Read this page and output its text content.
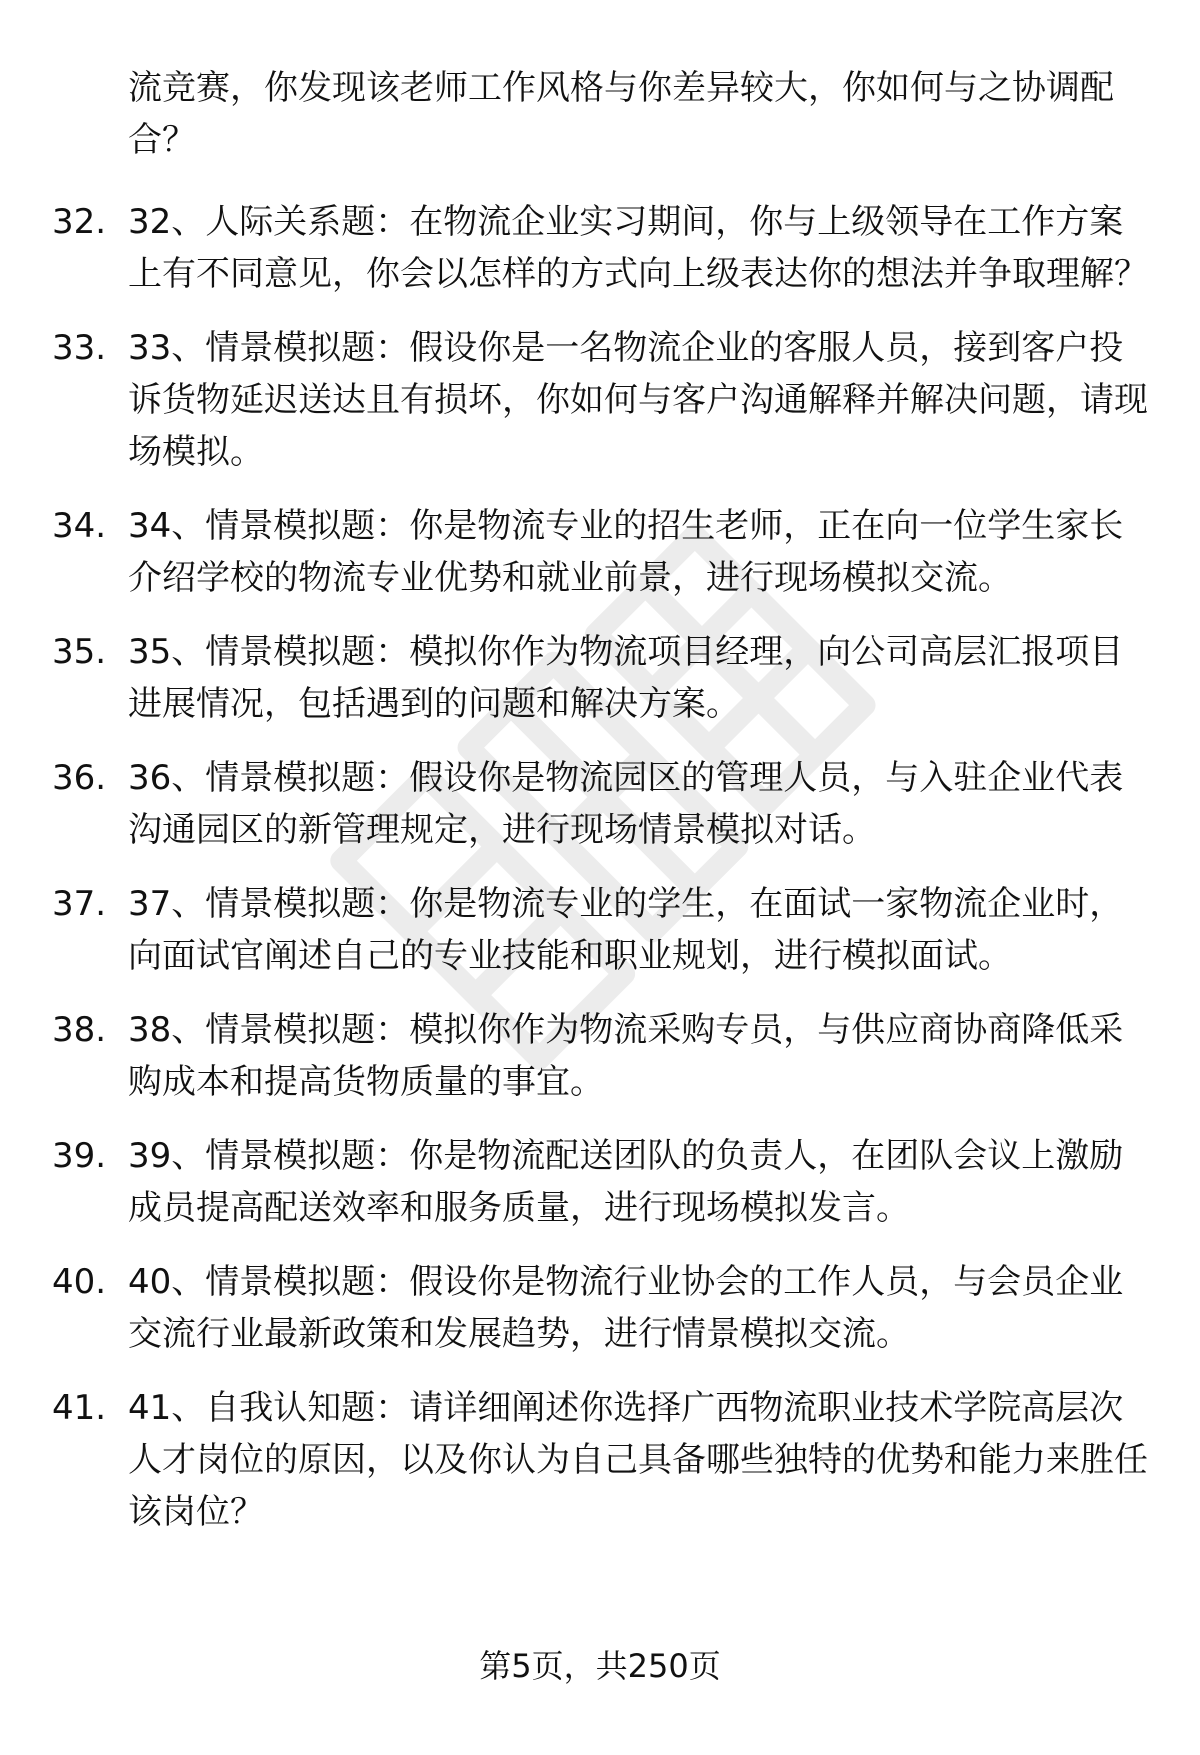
流竞赛，你发现该老师工作风格与你差异较大，你如何与之协调配合？
32. 32、人际关系题：在物流企业实习期间，你与上级领导在工作方案上有不同意见，你会以怎样的方式向上级表达你的想法并争取理解？
33. 33、情景模拟题：假设你是一名物流企业的客服人员，接到客户投诉货物延迟送达且有损坏，你如何与客户沟通解释并解决问题，请现场模拟。
34. 34、情景模拟题：你是物流专业的招生老师，正在向一位学生家长介绍学校的物流专业优势和就业前景，进行现场模拟交流。
35. 35、情景模拟题：模拟你作为物流项目经理，向公司高层汇报项目进展情况，包括遇到的问题和解决方案。
36. 36、情景模拟题：假设你是物流园区的管理人员，与入驻企业代表沟通园区的新管理规定，进行现场情景模拟对话。
37. 37、情景模拟题：你是物流专业的学生，在面试一家物流企业时，向面试官阐述自己的专业技能和职业规划，进行模拟面试。
38. 38、情景模拟题：模拟你作为物流采购专员，与供应商协商降低采购成本和提高货物质量的事宜。
39. 39、情景模拟题：你是物流配送团队的负责人，在团队会议上激励成员提高配送效率和服务质量，进行现场模拟发言。
40. 40、情景模拟题：假设你是物流行业协会的工作人员，与会员企业交流行业最新政策和发展趋势，进行情景模拟交流。
41. 41、自我认知题：请详细阐述你选择广西物流职业技术学院高层次人才岗位的原因，以及你认为自己具备哪些独特的优势和能力来胜任该岗位？
第5页，共250页
